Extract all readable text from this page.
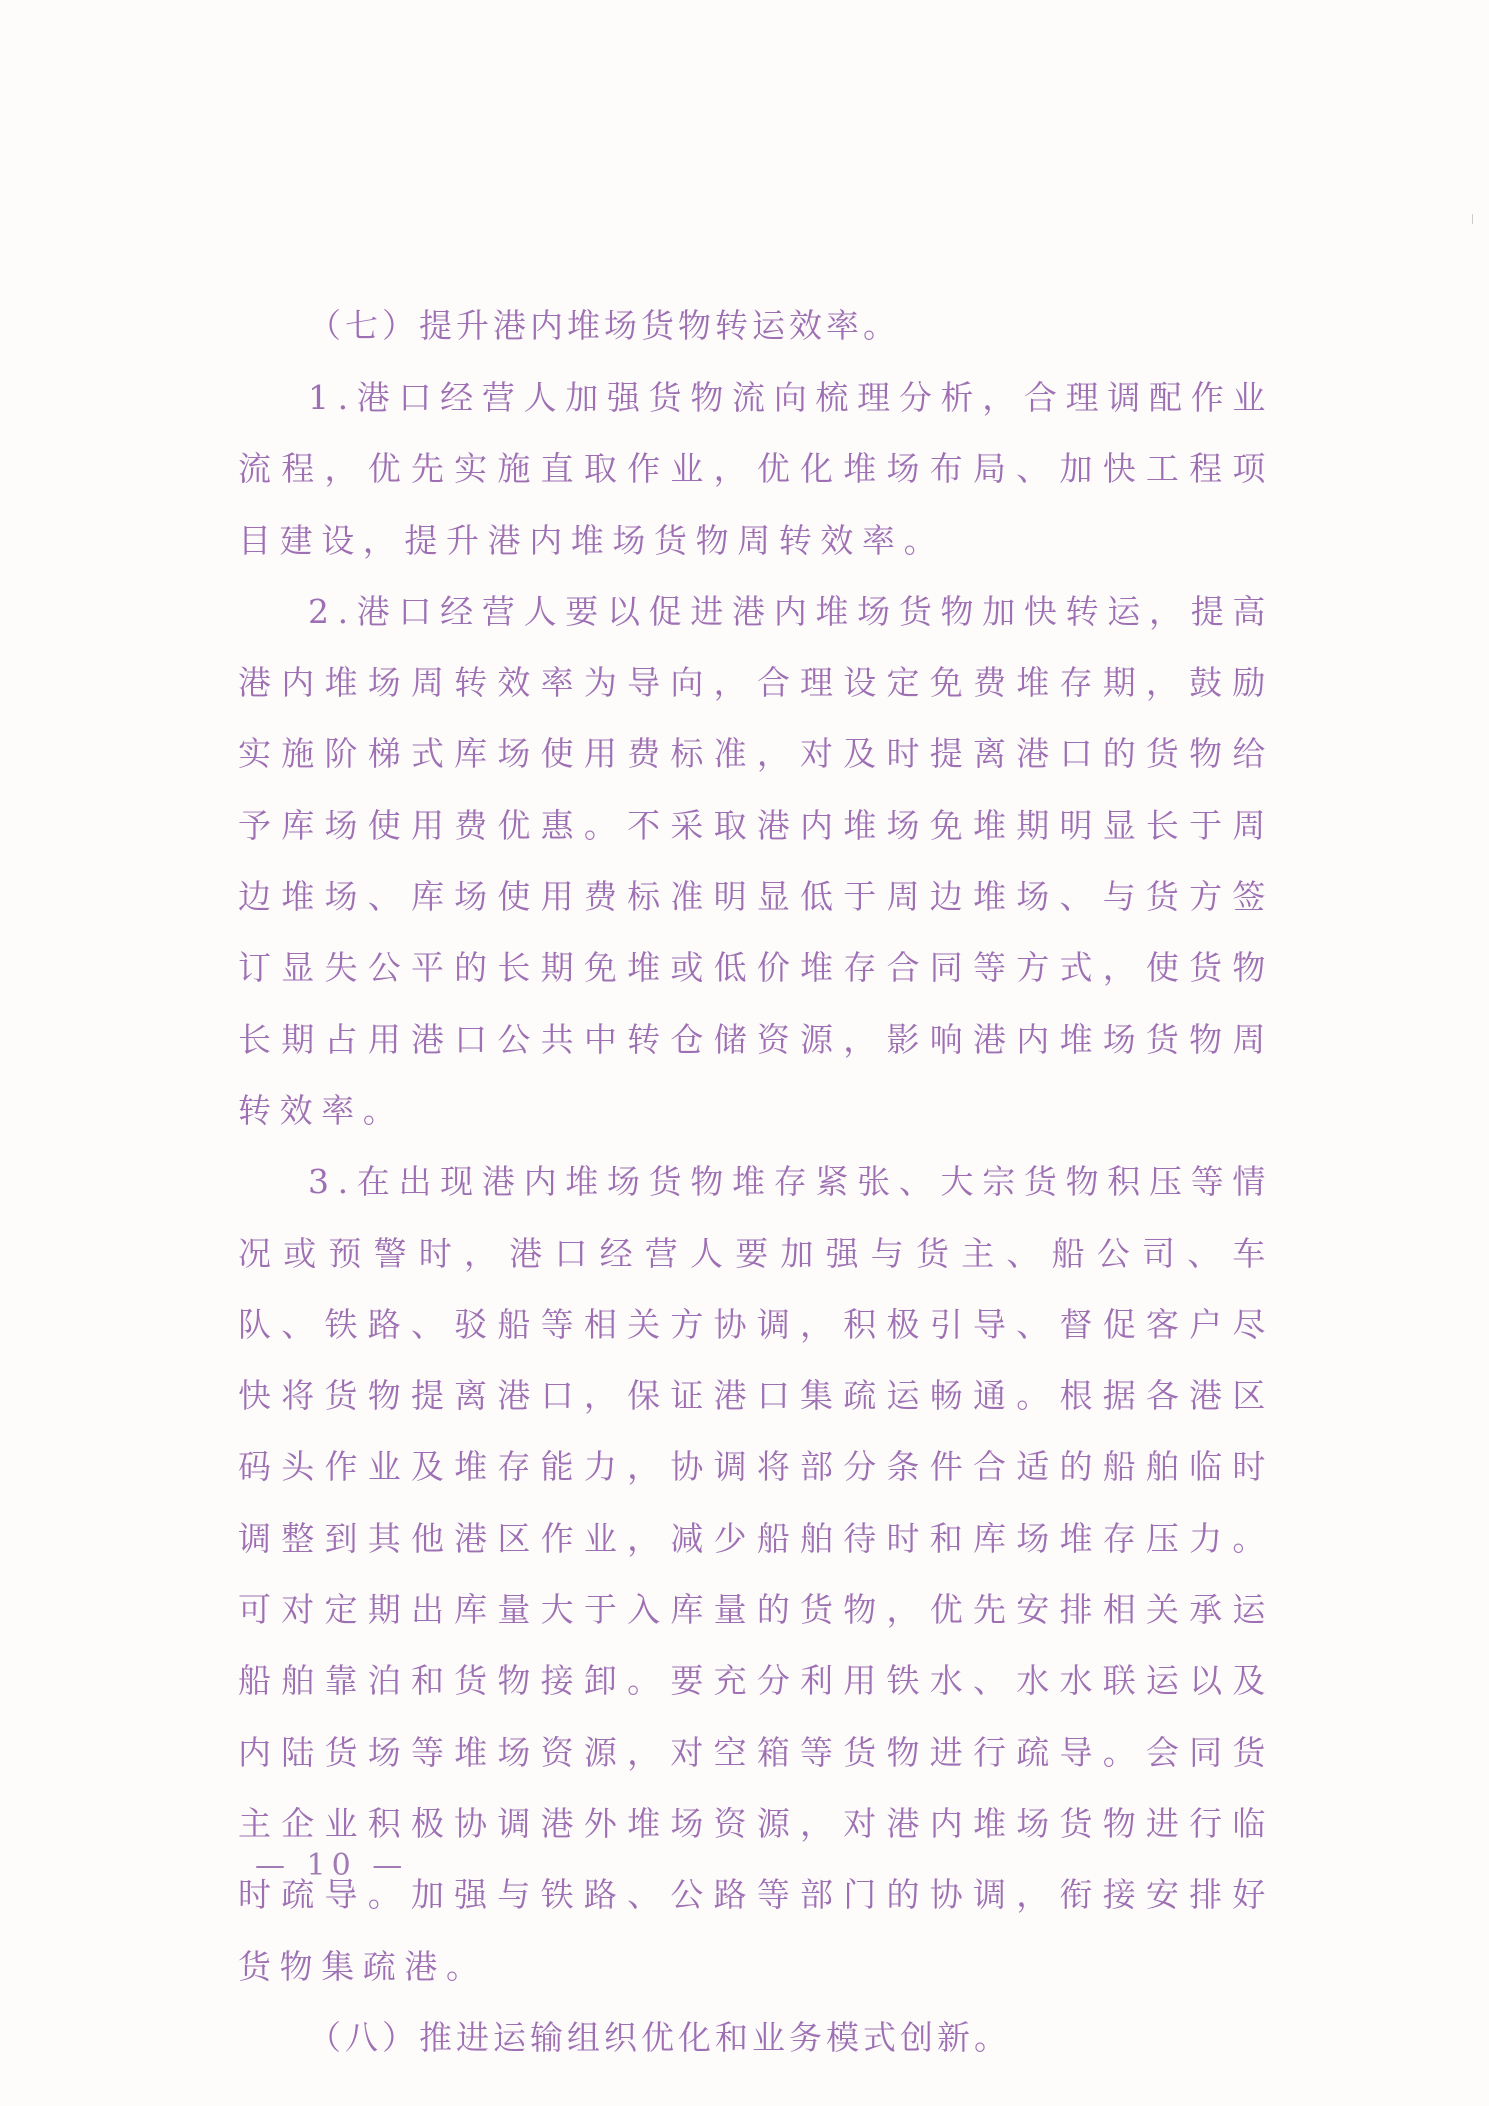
（七）提升港内堆场货物转运效率。

1.港口经营人加强货物流向梳理分析，合理调配作业流程，优先实施直取作业，优化堆场布局、加快工程项目建设，提升港内堆场货物周转效率。

2.港口经营人要以促进港内堆场货物加快转运，提高港内堆场周转效率为导向，合理设定免费堆存期，鼓励实施阶梯式库场使用费标准，对及时提离港口的货物给予库场使用费优惠。不采取港内堆场免堆期明显长于周边堆场、库场使用费标准明显低于周边堆场、与货方签订显失公平的长期免堆或低价堆存合同等方式，使货物长期占用港口公共中转仓储资源，影响港内堆场货物周转效率。

3.在出现港内堆场货物堆存紧张、大宗货物积压等情况或预警时，港口经营人要加强与货主、船公司、车队、铁路、驳船等相关方协调，积极引导、督促客户尽快将货物提离港口，保证港口集疏运畅通。根据各港区码头作业及堆存能力，协调将部分条件合适的船舶临时调整到其他港区作业，减少船舶待时和库场堆存压力。可对定期出库量大于入库量的货物，优先安排相关承运船舶靠泊和货物接卸。要充分利用铁水、水水联运以及内陆货场等堆场资源，对空箱等货物进行疏导。会同货主企业积极协调港外堆场资源，对港内堆场货物进行临时疏导。加强与铁路、公路等部门的协调，衔接安排好货物集疏港。

（八）推进运输组织优化和业务模式创新。

— 10 —
